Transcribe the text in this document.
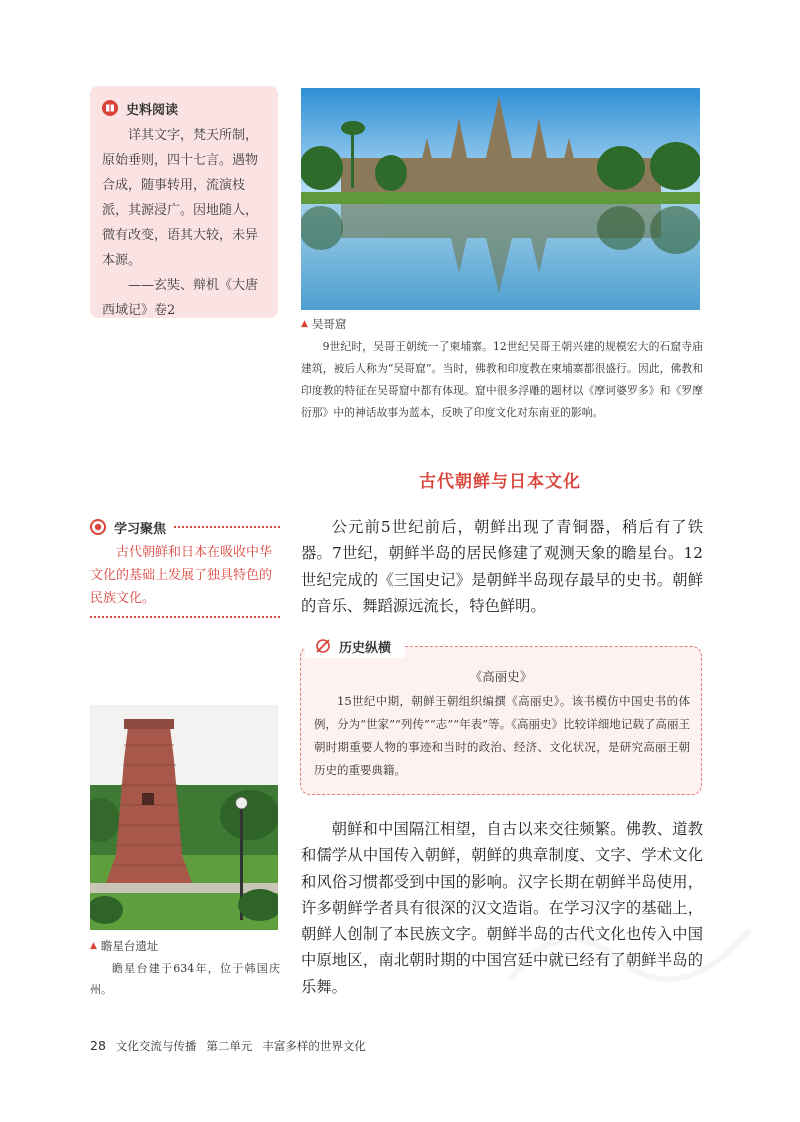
史料阅读

详其文字，梵天所制，原始垂则，四十七言。遇物合成，随事转用，流演枝派，其源浸广。因地随人，微有改变，语其大较，未异本源。

——玄奘、辩机《大唐西域记》卷2

▲ 吴哥窟

9世纪时，吴哥王朝统一了柬埔寨。12世纪吴哥王朝兴建的规模宏大的石窟寺庙建筑，被后人称为“吴哥窟”。当时，佛教和印度教在柬埔寨都很盛行。因此，佛教和印度教的特征在吴哥窟中都有体现。窟中很多浮雕的题材以《摩诃婆罗多》和《罗摩衍那》中的神话故事为蓝本，反映了印度文化对东南亚的影响。

古代朝鲜与日本文化
学习聚焦

古代朝鲜和日本在吸收中华文化的基础上发展了独具特色的民族文化。

公元前5世纪前后，朝鲜出现了青铜器，稍后有了铁器。7世纪，朝鲜半岛的居民修建了观测天象的瞻星台。12世纪完成的《三国史记》是朝鲜半岛现存最早的史书。朝鲜的音乐、舞蹈源远流长，特色鲜明。

历史纵横
《高丽史》

15世纪中期，朝鲜王朝组织编撰《高丽史》。该书模仿中国史书的体例，分为“世家”“列传”“志”“年表”等。《高丽史》比较详细地记载了高丽王朝时期重要人物的事迹和当时的政治、经济、文化状况，是研究高丽王朝历史的重要典籍。

朝鲜和中国隔江相望，自古以来交往频繁。佛教、道教和儒学从中国传入朝鲜，朝鲜的典章制度、文字、学术文化和风俗习惯都受到中国的影响。汉字长期在朝鲜半岛使用，许多朝鲜学者具有很深的汉文造诣。在学习汉字的基础上，朝鲜人创制了本民族文字。朝鲜半岛的古代文化也传入中国中原地区，南北朝时期的中国宫廷中就已经有了朝鲜半岛的乐舞。

▲ 瞻星台遗址

瞻星台建于634年，位于韩国庆州。

28 文化交流与传播 第二单元 丰富多样的世界文化
